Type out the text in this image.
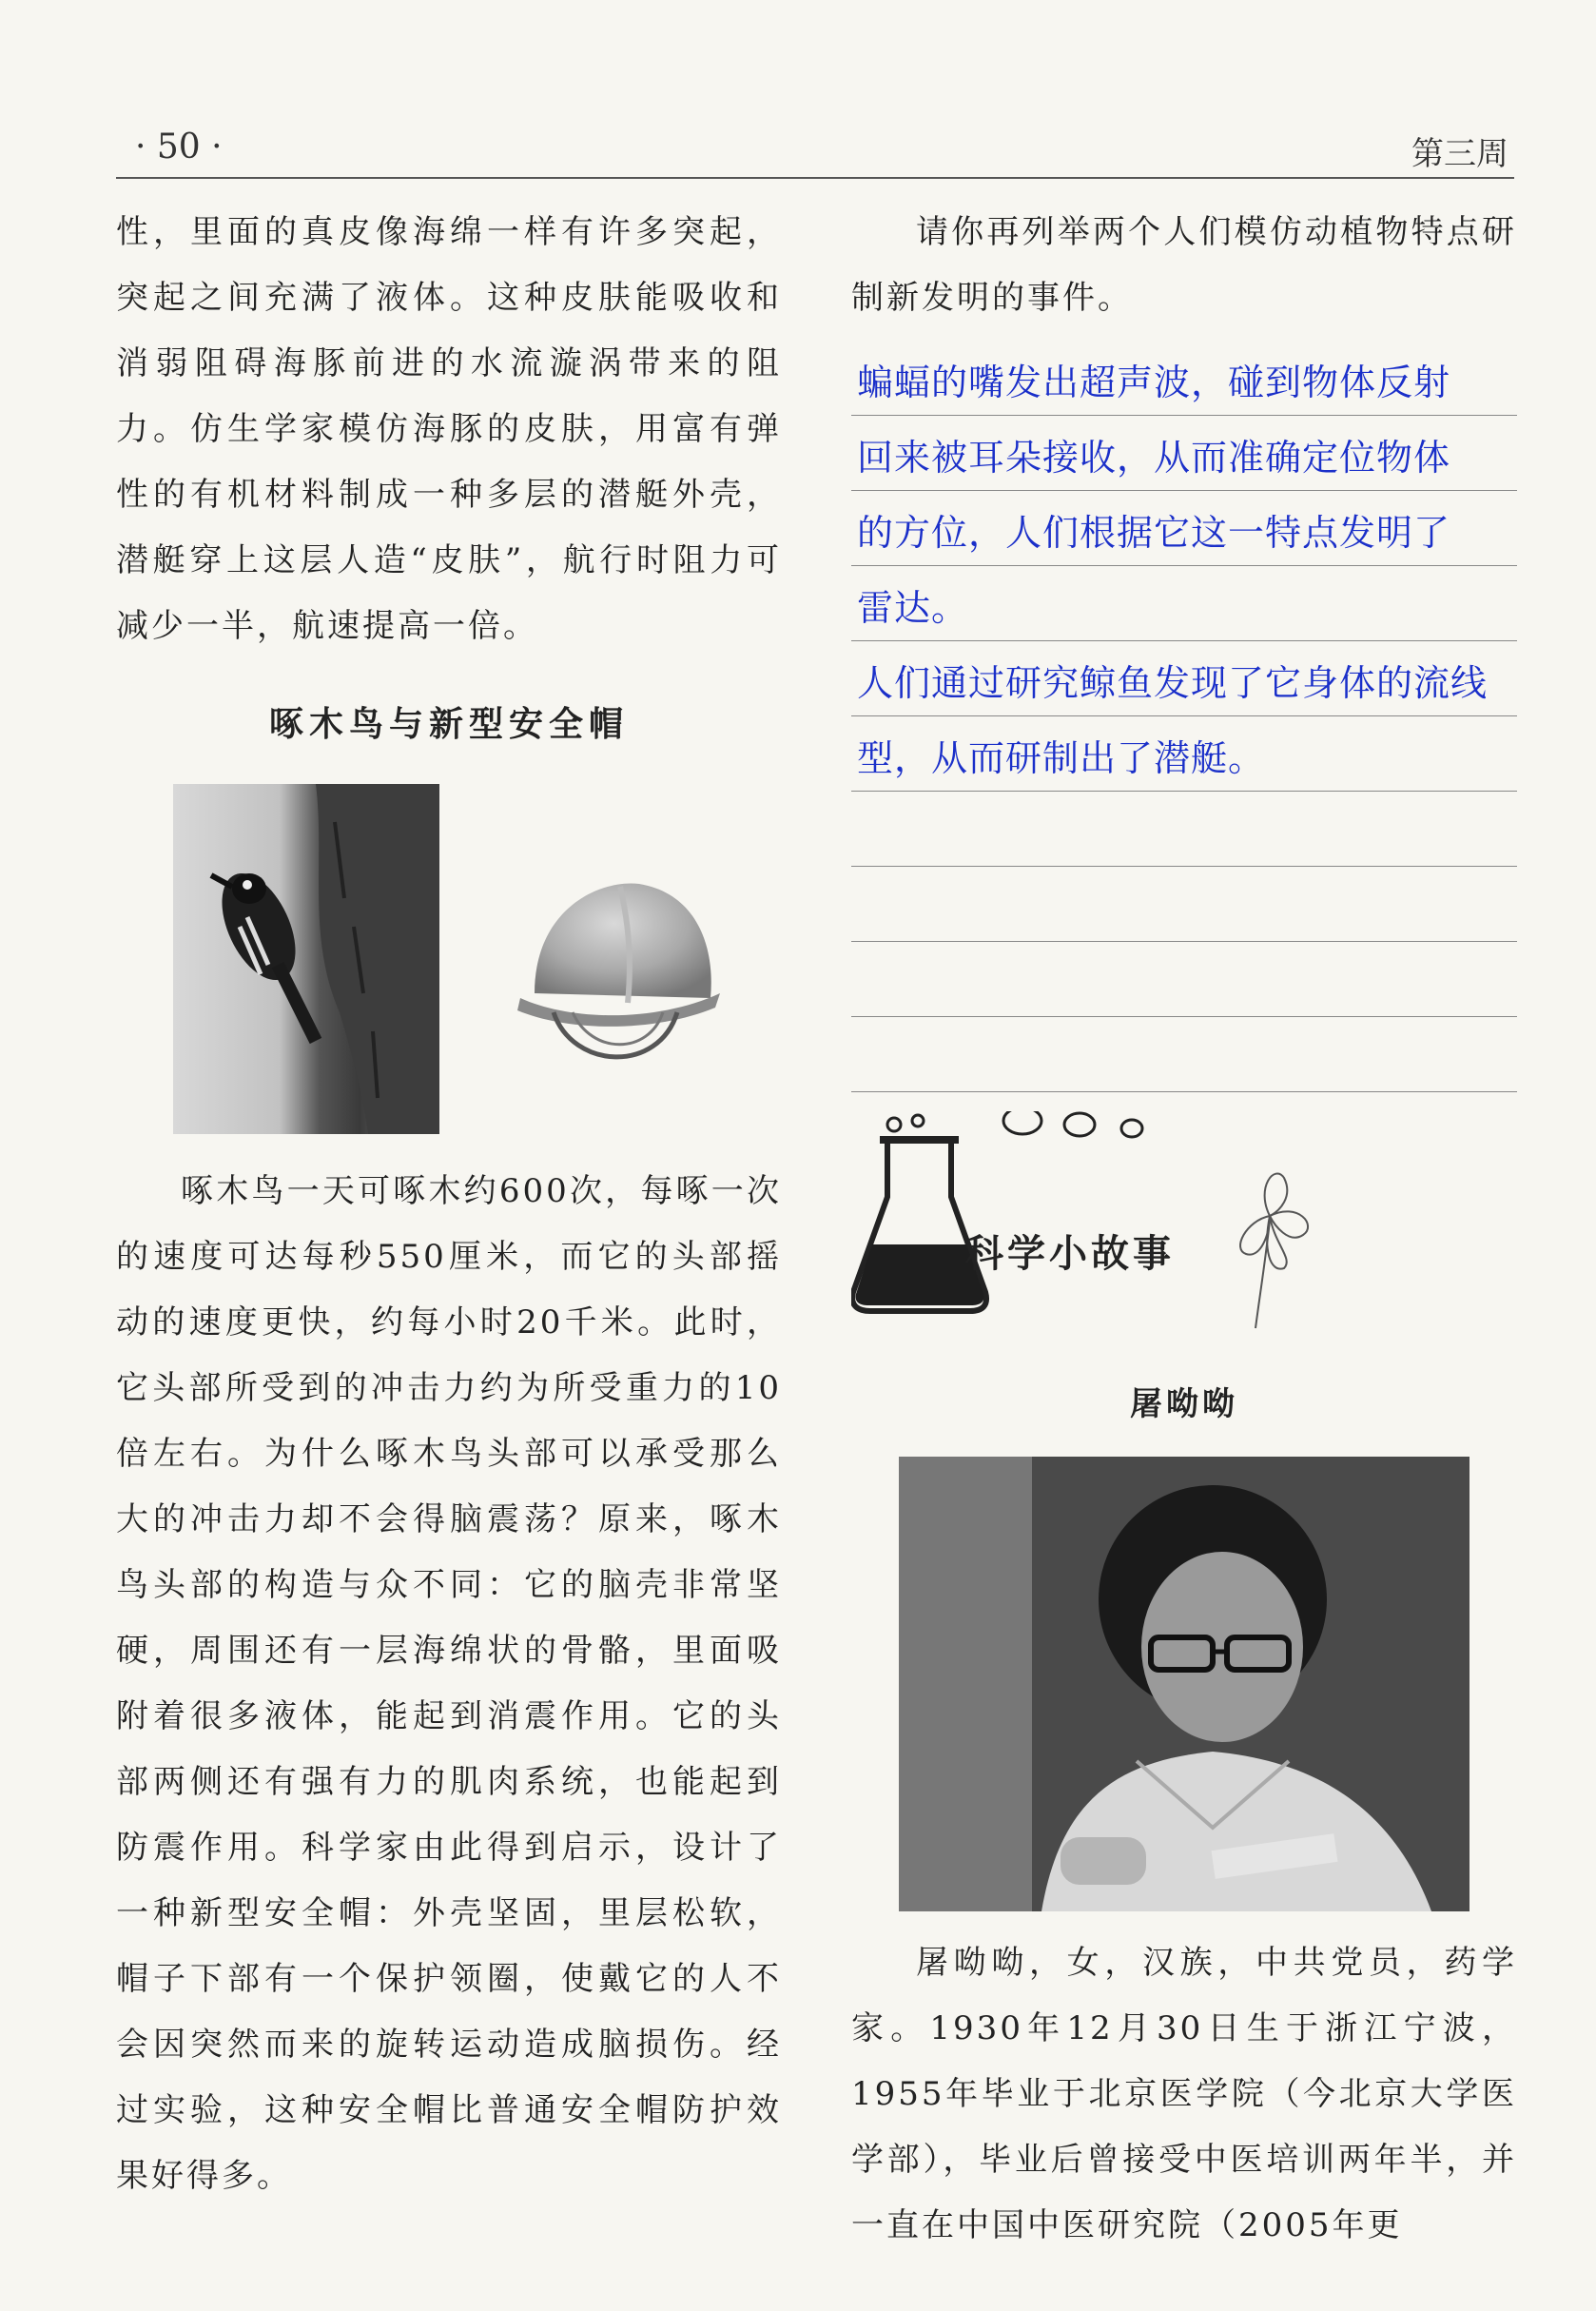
· 50 ·	第三周

性，里面的真皮像海绵一样有许多突起，突起之间充满了液体。这种皮肤能吸收和消弱阻碍海豚前进的水流漩涡带来的阻力。仿生学家模仿海豚的皮肤，用富有弹性的有机材料制成一种多层的潜艇外壳，潜艇穿上这层人造“皮肤”，航行时阻力可减少一半，航速提高一倍。

啄木鸟与新型安全帽

啄木鸟一天可啄木约600次，每啄一次的速度可达每秒550厘米，而它的头部摇动的速度更快，约每小时20千米。此时，它头部所受到的冲击力约为所受重力的10倍左右。为什么啄木鸟头部可以承受那么大的冲击力却不会得脑震荡？原来，啄木鸟头部的构造与众不同：它的脑壳非常坚硬，周围还有一层海绵状的骨骼，里面吸附着很多液体，能起到消震作用。它的头部两侧还有强有力的肌肉系统，也能起到防震作用。科学家由此得到启示，设计了一种新型安全帽：外壳坚固，里层松软，帽子下部有一个保护领圈，使戴它的人不会因突然而来的旋转运动造成脑损伤。经过实验，这种安全帽比普通安全帽防护效果好得多。

请你再列举两个人们模仿动植物特点研制新发明的事件。

蝙蝠的嘴发出超声波，碰到物体反射
回来被耳朵接收，从而准确定位物体
的方位，人们根据它这一特点发明了
雷达。
人们通过研究鲸鱼发现了它身体的流线
型，从而研制出了潜艇。
科学小故事
屠呦呦

屠呦呦，女，汉族，中共党员，药学家。1930年12月30日生于浙江宁波，1955年毕业于北京医学院（今北京大学医学部），毕业后曾接受中医培训两年半，并一直在中国中医研究院（2005年更
